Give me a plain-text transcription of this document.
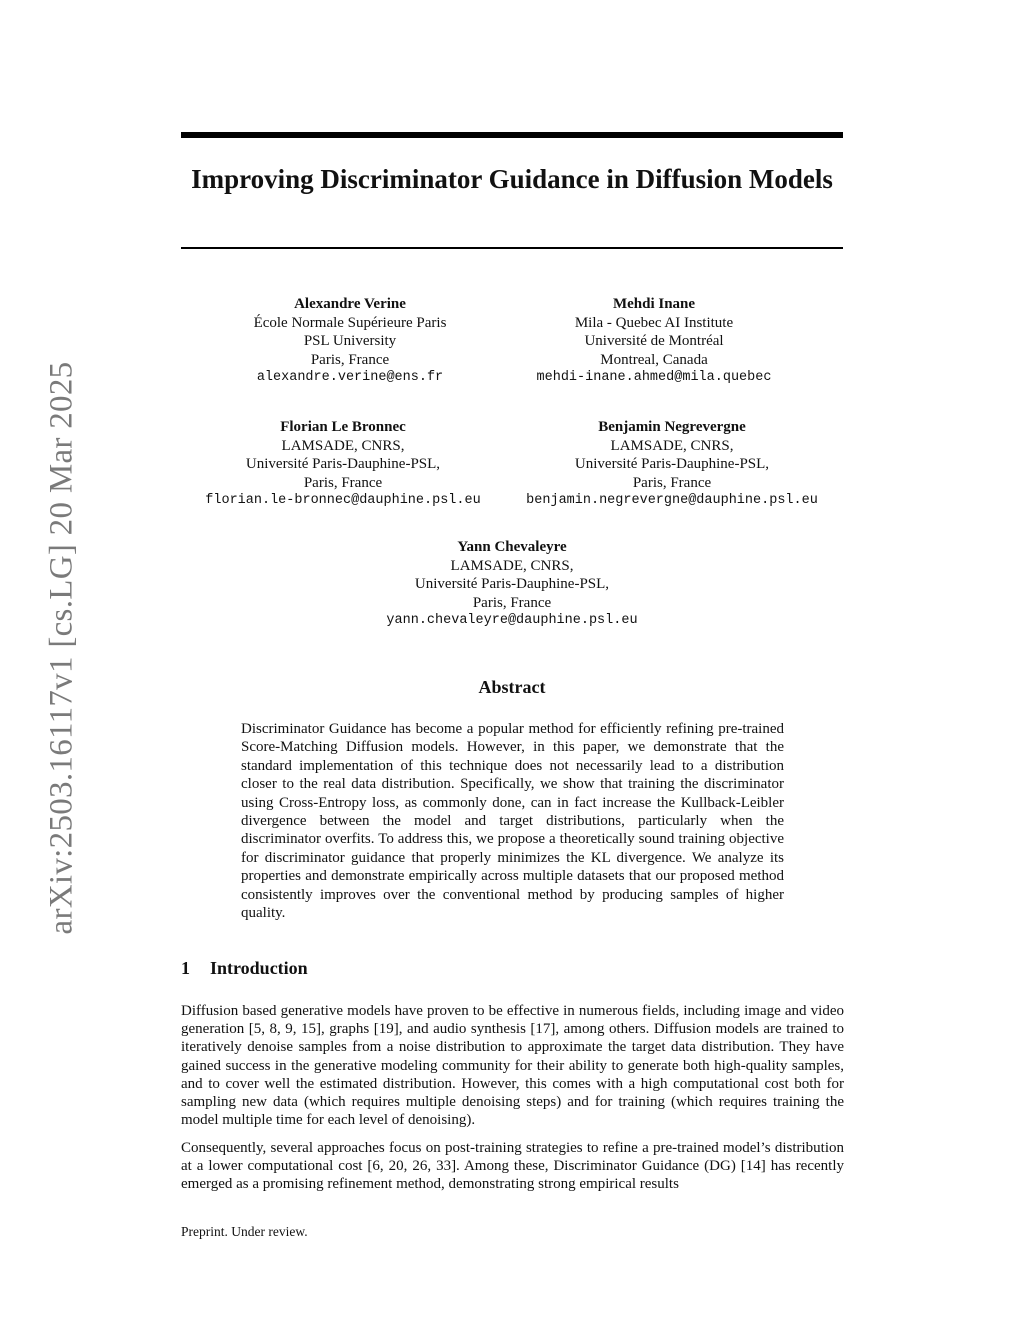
arXiv:2503.16117v1 [cs.LG] 20 Mar 2025
Improving Discriminator Guidance in Diffusion Models
Alexandre Verine
École Normale Supérieure Paris
PSL University
Paris, France
alexandre.verine@ens.fr
Mehdi Inane
Mila - Quebec AI Institute
Université de Montréal
Montreal, Canada
mehdi-inane.ahmed@mila.quebec
Florian Le Bronnec
LAMSADE, CNRS,
Université Paris-Dauphine-PSL,
Paris, France
florian.le-bronnec@dauphine.psl.eu
Benjamin Negrevergne
LAMSADE, CNRS,
Université Paris-Dauphine-PSL,
Paris, France
benjamin.negrevergne@dauphine.psl.eu
Yann Chevaleyre
LAMSADE, CNRS,
Université Paris-Dauphine-PSL,
Paris, France
yann.chevaleyre@dauphine.psl.eu
Abstract

Discriminator Guidance has become a popular method for efficiently refining pre-trained Score-Matching Diffusion models. However, in this paper, we demonstrate that the standard implementation of this technique does not necessarily lead to a distribution closer to the real data distribution. Specifically, we show that training the discriminator using Cross-Entropy loss, as commonly done, can in fact increase the Kullback-Leibler divergence between the model and target distributions, particularly when the discriminator overfits. To address this, we propose a theoretically sound training objective for discriminator guidance that properly minimizes the KL divergence. We analyze its properties and demonstrate empirically across multiple datasets that our proposed method consistently improves over the conventional method by producing samples of higher quality.

1 Introduction

Diffusion based generative models have proven to be effective in numerous fields, including image and video generation [5, 8, 9, 15], graphs [19], and audio synthesis [17], among others. Diffusion models are trained to iteratively denoise samples from a noise distribution to approximate the target data distribution. They have gained success in the generative modeling community for their ability to generate both high-quality samples, and to cover well the estimated distribution. However, this comes with a high computational cost both for sampling new data (which requires multiple denoising steps) and for training (which requires training the model multiple time for each level of denoising).

Consequently, several approaches focus on post-training strategies to refine a pre-trained model’s distribution at a lower computational cost [6, 20, 26, 33]. Among these, Discriminator Guidance (DG) [14] has recently emerged as a promising refinement method, demonstrating strong empirical results

Preprint. Under review.
